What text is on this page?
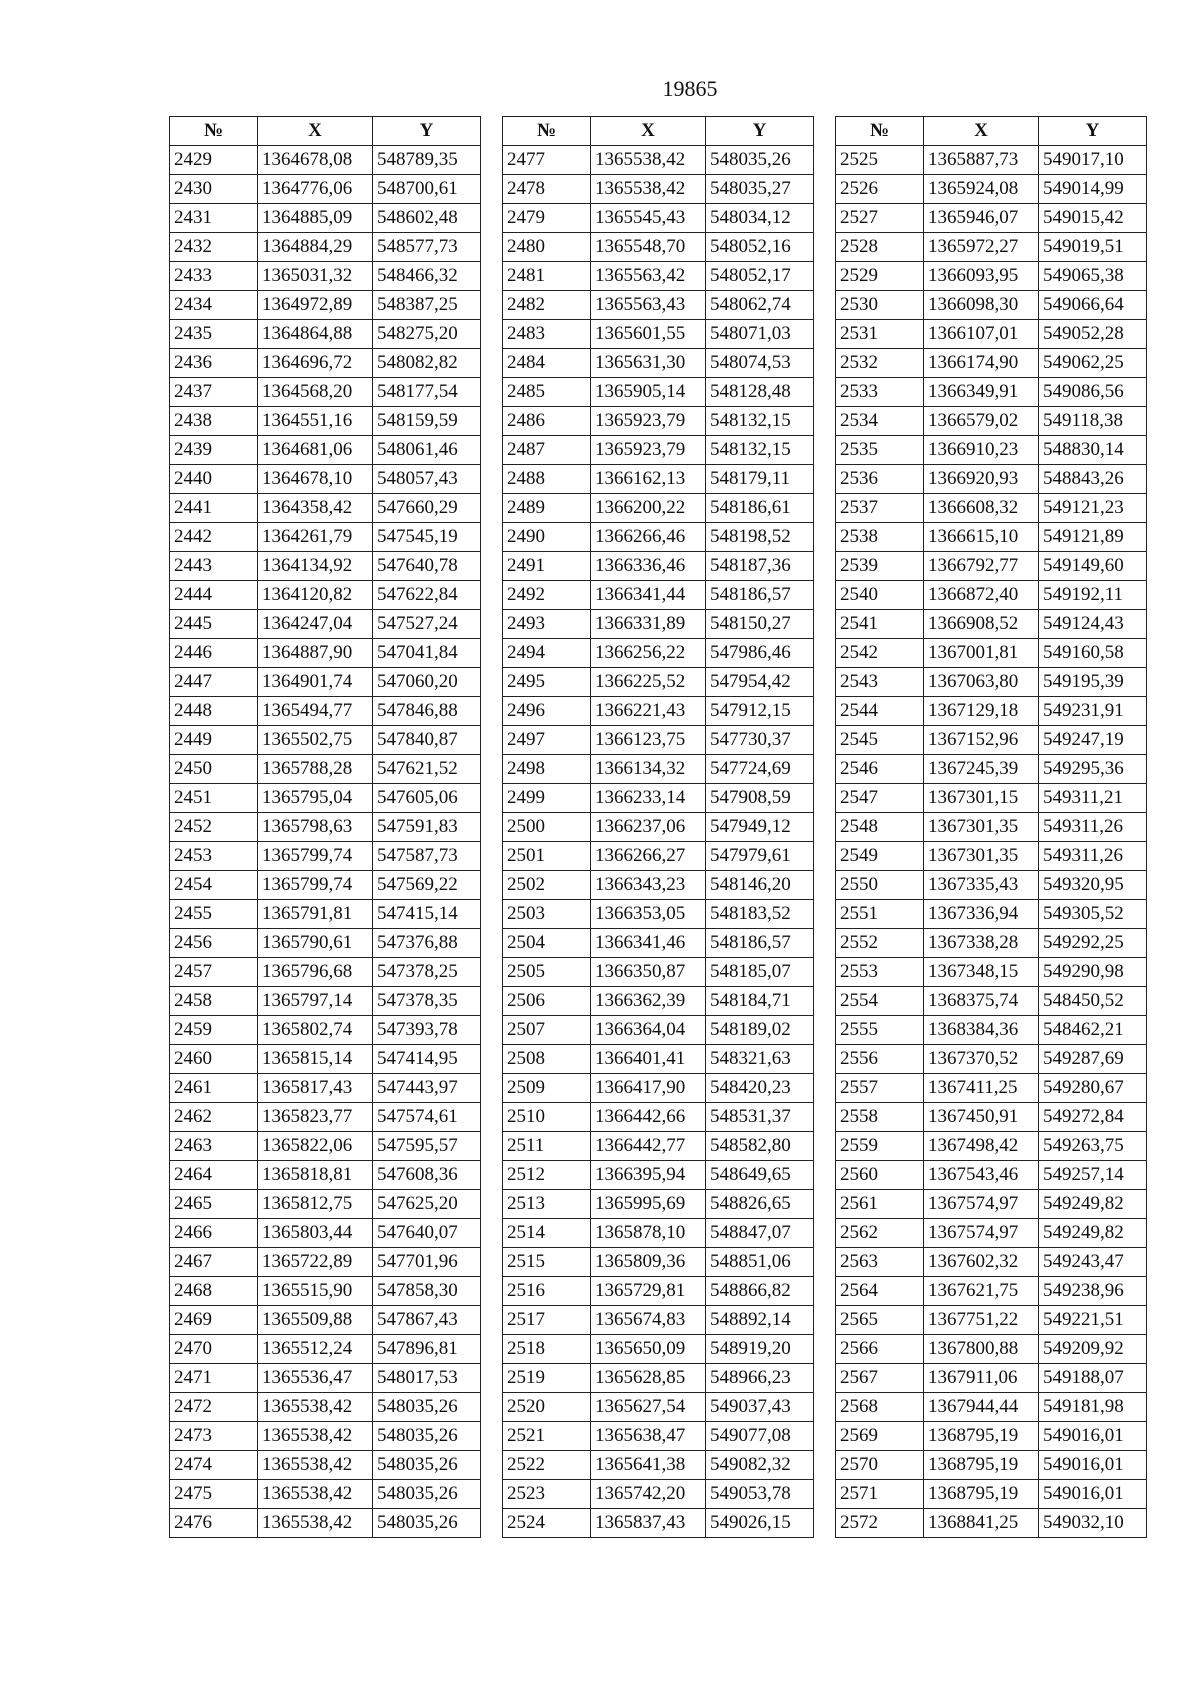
19865
№	X	Y
2429	1364678,08	548789,35
2430	1364776,06	548700,61
2431	1364885,09	548602,48
2432	1364884,29	548577,73
2433	1365031,32	548466,32
2434	1364972,89	548387,25
2435	1364864,88	548275,20
2436	1364696,72	548082,82
2437	1364568,20	548177,54
2438	1364551,16	548159,59
2439	1364681,06	548061,46
2440	1364678,10	548057,43
2441	1364358,42	547660,29
2442	1364261,79	547545,19
2443	1364134,92	547640,78
2444	1364120,82	547622,84
2445	1364247,04	547527,24
2446	1364887,90	547041,84
2447	1364901,74	547060,20
2448	1365494,77	547846,88
2449	1365502,75	547840,87
2450	1365788,28	547621,52
2451	1365795,04	547605,06
2452	1365798,63	547591,83
2453	1365799,74	547587,73
2454	1365799,74	547569,22
2455	1365791,81	547415,14
2456	1365790,61	547376,88
2457	1365796,68	547378,25
2458	1365797,14	547378,35
2459	1365802,74	547393,78
2460	1365815,14	547414,95
2461	1365817,43	547443,97
2462	1365823,77	547574,61
2463	1365822,06	547595,57
2464	1365818,81	547608,36
2465	1365812,75	547625,20
2466	1365803,44	547640,07
2467	1365722,89	547701,96
2468	1365515,90	547858,30
2469	1365509,88	547867,43
2470	1365512,24	547896,81
2471	1365536,47	548017,53
2472	1365538,42	548035,26
2473	1365538,42	548035,26
2474	1365538,42	548035,26
2475	1365538,42	548035,26
2476	1365538,42	548035,26
№	X	Y
2477	1365538,42	548035,26
2478	1365538,42	548035,27
2479	1365545,43	548034,12
2480	1365548,70	548052,16
2481	1365563,42	548052,17
2482	1365563,43	548062,74
2483	1365601,55	548071,03
2484	1365631,30	548074,53
2485	1365905,14	548128,48
2486	1365923,79	548132,15
2487	1365923,79	548132,15
2488	1366162,13	548179,11
2489	1366200,22	548186,61
2490	1366266,46	548198,52
2491	1366336,46	548187,36
2492	1366341,44	548186,57
2493	1366331,89	548150,27
2494	1366256,22	547986,46
2495	1366225,52	547954,42
2496	1366221,43	547912,15
2497	1366123,75	547730,37
2498	1366134,32	547724,69
2499	1366233,14	547908,59
2500	1366237,06	547949,12
2501	1366266,27	547979,61
2502	1366343,23	548146,20
2503	1366353,05	548183,52
2504	1366341,46	548186,57
2505	1366350,87	548185,07
2506	1366362,39	548184,71
2507	1366364,04	548189,02
2508	1366401,41	548321,63
2509	1366417,90	548420,23
2510	1366442,66	548531,37
2511	1366442,77	548582,80
2512	1366395,94	548649,65
2513	1365995,69	548826,65
2514	1365878,10	548847,07
2515	1365809,36	548851,06
2516	1365729,81	548866,82
2517	1365674,83	548892,14
2518	1365650,09	548919,20
2519	1365628,85	548966,23
2520	1365627,54	549037,43
2521	1365638,47	549077,08
2522	1365641,38	549082,32
2523	1365742,20	549053,78
2524	1365837,43	549026,15
№	X	Y
2525	1365887,73	549017,10
2526	1365924,08	549014,99
2527	1365946,07	549015,42
2528	1365972,27	549019,51
2529	1366093,95	549065,38
2530	1366098,30	549066,64
2531	1366107,01	549052,28
2532	1366174,90	549062,25
2533	1366349,91	549086,56
2534	1366579,02	549118,38
2535	1366910,23	548830,14
2536	1366920,93	548843,26
2537	1366608,32	549121,23
2538	1366615,10	549121,89
2539	1366792,77	549149,60
2540	1366872,40	549192,11
2541	1366908,52	549124,43
2542	1367001,81	549160,58
2543	1367063,80	549195,39
2544	1367129,18	549231,91
2545	1367152,96	549247,19
2546	1367245,39	549295,36
2547	1367301,15	549311,21
2548	1367301,35	549311,26
2549	1367301,35	549311,26
2550	1367335,43	549320,95
2551	1367336,94	549305,52
2552	1367338,28	549292,25
2553	1367348,15	549290,98
2554	1368375,74	548450,52
2555	1368384,36	548462,21
2556	1367370,52	549287,69
2557	1367411,25	549280,67
2558	1367450,91	549272,84
2559	1367498,42	549263,75
2560	1367543,46	549257,14
2561	1367574,97	549249,82
2562	1367574,97	549249,82
2563	1367602,32	549243,47
2564	1367621,75	549238,96
2565	1367751,22	549221,51
2566	1367800,88	549209,92
2567	1367911,06	549188,07
2568	1367944,44	549181,98
2569	1368795,19	549016,01
2570	1368795,19	549016,01
2571	1368795,19	549016,01
2572	1368841,25	549032,10
